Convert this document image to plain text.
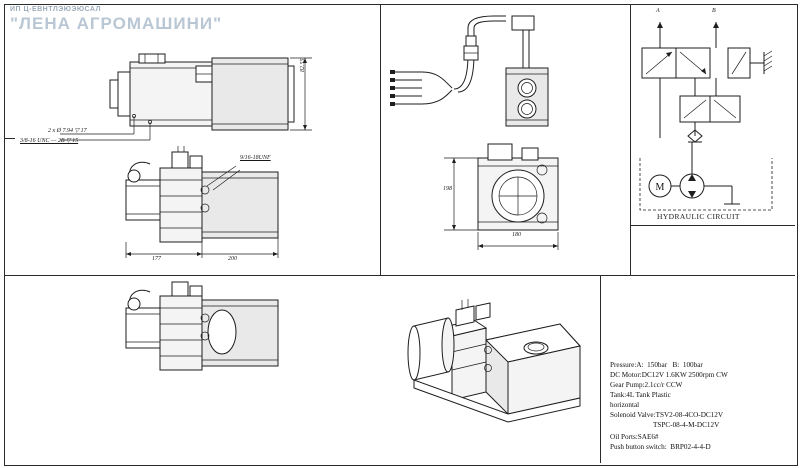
ИП Ц-ЕВНТЛЭЮЭЮСАЛ
"ЛЕНА АГРОМАШИНИ"
82.55
2 х Ø 7.94 ▽ 17
3/8-16 UNC — 2B ▽ 15
9/16-18UNF
177	200
198
180
M
A	B
HYDRAULIC CIRCUIT
Pressure:A:  150bar   B:  100bar
DC Motor:DC12V 1.6KW 2500rpm CW
Gear Pump:2.1cc/r CCW
Tank:4L Tank Plastic
horizontal
Solenoid Valve:TSV2-08-4CO-DC12V
TSPC-08-4-M-DC12V
Oil Ports:SAE6#
Push button switch:  BRP02-4-4-D
